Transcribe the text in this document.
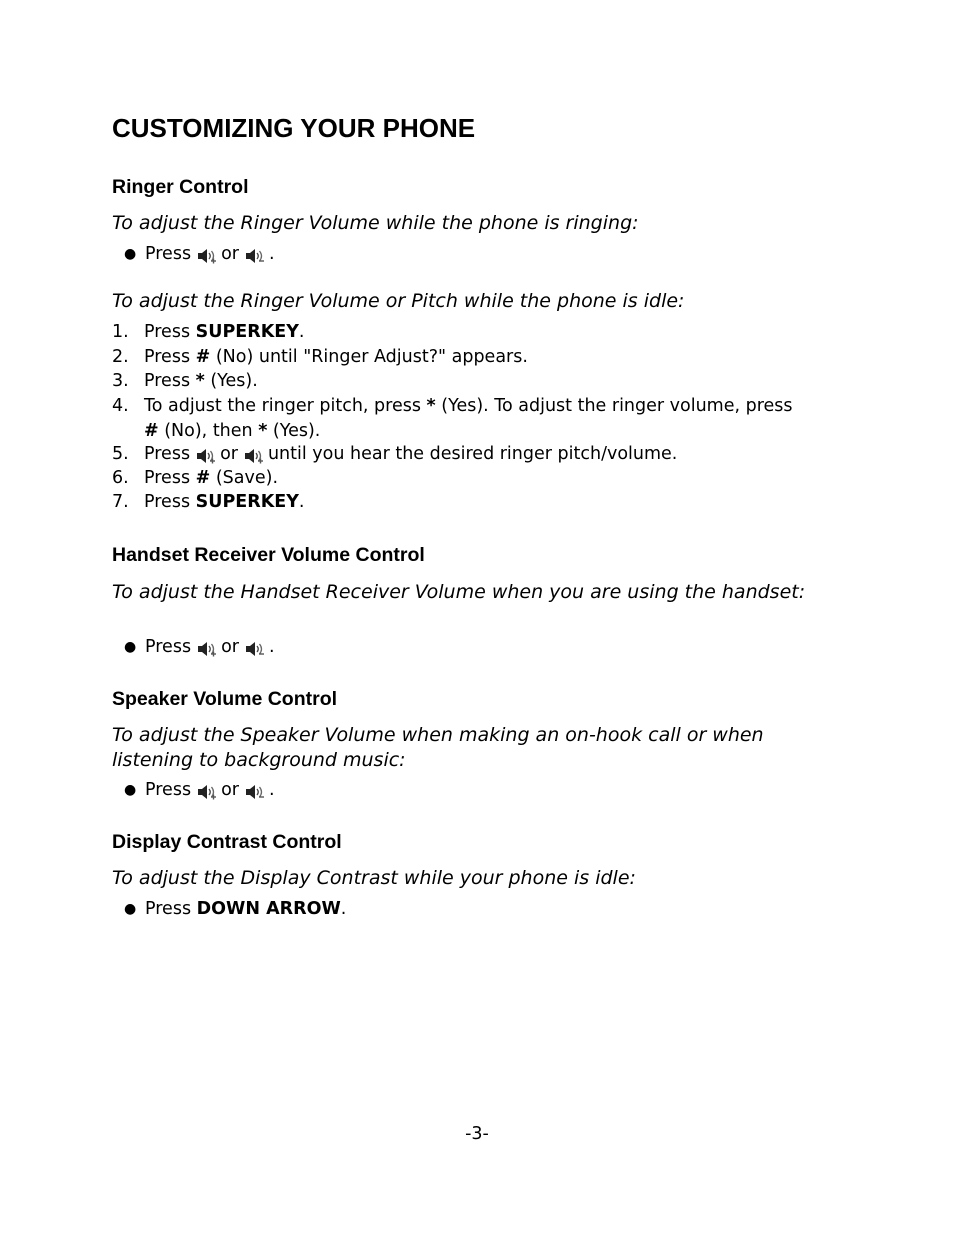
CUSTOMIZING YOUR PHONE
Ringer Control

To adjust the Ringer Volume while the phone is ringing:

● Press or .

To adjust the Ringer Volume or Pitch while the phone is idle:

1. Press SUPERKEY.
2. Press # (No) until "Ringer Adjust?" appears.
3. Press * (Yes).
4. To adjust the ringer pitch, press * (Yes). To adjust the ringer volume, press # (No), then * (Yes).
5. Press or until you hear the desired ringer pitch/volume.
6. Press # (Save).
7. Press SUPERKEY.
Handset Receiver Volume Control

To adjust the Handset Receiver Volume when you are using the handset:

● Press or .
Speaker Volume Control

To adjust the Speaker Volume when making an on-hook call or when listening to background music:

● Press or .
Display Contrast Control

To adjust the Display Contrast while your phone is idle:

● Press DOWN ARROW.
-3-
